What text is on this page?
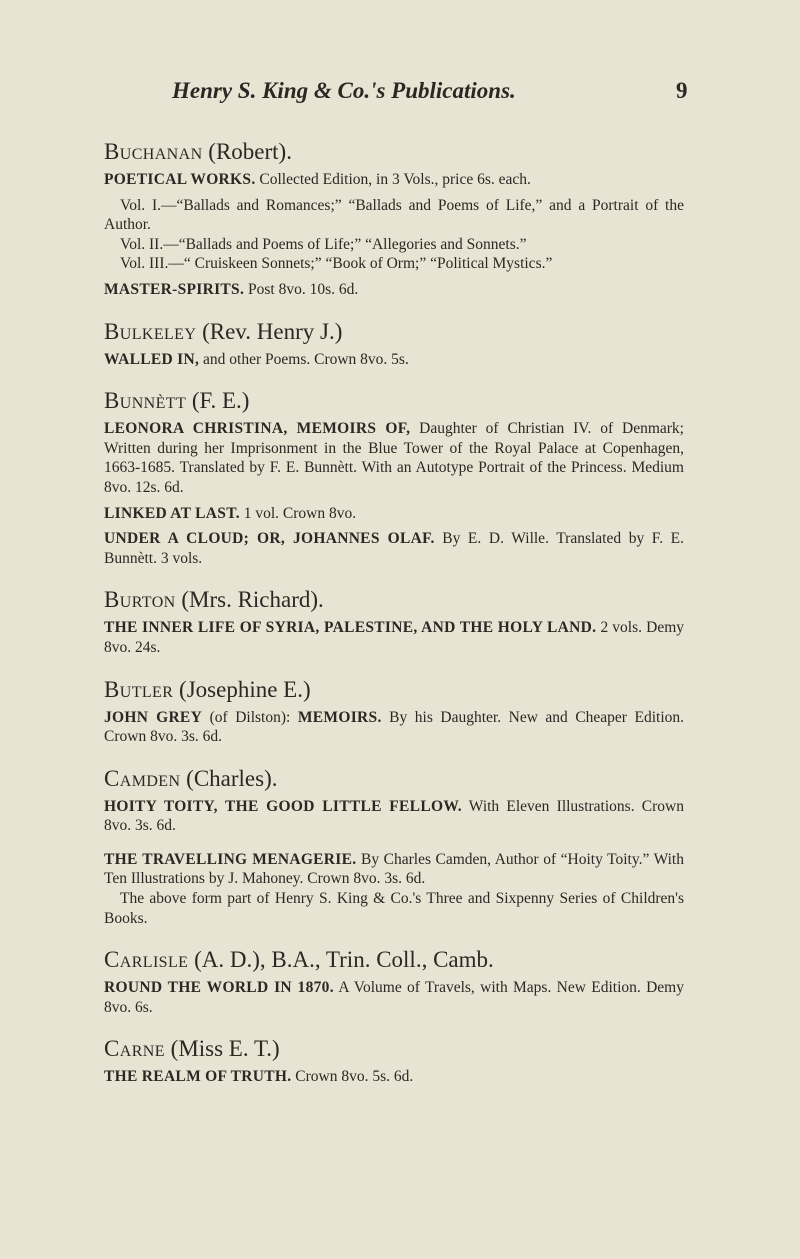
Henry S. King & Co.'s Publications.	9
Buchanan (Robert).
POETICAL WORKS. Collected Edition, in 3 Vols., price 6s. each.
Vol. I.—“Ballads and Romances;” “Ballads and Poems of Life,” and a Portrait of the Author.
Vol. II.—“Ballads and Poems of Life;” “Allegories and Sonnets.”
Vol. III.—“ Cruiskeen Sonnets;” “Book of Orm;” “Political Mystics.”
MASTER-SPIRITS. Post 8vo. 10s. 6d.
Bulkeley (Rev. Henry J.)
WALLED IN, and other Poems. Crown 8vo. 5s.
Bunnètt (F. E.)
LEONORA CHRISTINA, MEMOIRS OF, Daughter of Christian IV. of Denmark; Written during her Imprisonment in the Blue Tower of the Royal Palace at Copenhagen, 1663-1685. Translated by F. E. Bunnètt. With an Autotype Portrait of the Princess. Medium 8vo. 12s. 6d.
LINKED AT LAST. 1 vol. Crown 8vo.
UNDER A CLOUD; OR, JOHANNES OLAF. By E. D. Wille. Translated by F. E. Bunnètt. 3 vols.
Burton (Mrs. Richard).
THE INNER LIFE OF SYRIA, PALESTINE, AND THE HOLY LAND. 2 vols. Demy 8vo. 24s.
Butler (Josephine E.)
JOHN GREY (of Dilston): MEMOIRS. By his Daughter. New and Cheaper Edition. Crown 8vo. 3s. 6d.
Camden (Charles).
HOITY TOITY, THE GOOD LITTLE FELLOW. With Eleven Illustrations. Crown 8vo. 3s. 6d.
THE TRAVELLING MENAGERIE. By Charles Camden, Author of “Hoity Toity.” With Ten Illustrations by J. Mahoney. Crown 8vo. 3s. 6d.
The above form part of Henry S. King & Co.'s Three and Sixpenny Series of Children's Books.
Carlisle (A. D.), B.A., Trin. Coll., Camb.
ROUND THE WORLD IN 1870. A Volume of Travels, with Maps. New Edition. Demy 8vo. 6s.
Carne (Miss E. T.)
THE REALM OF TRUTH. Crown 8vo. 5s. 6d.
